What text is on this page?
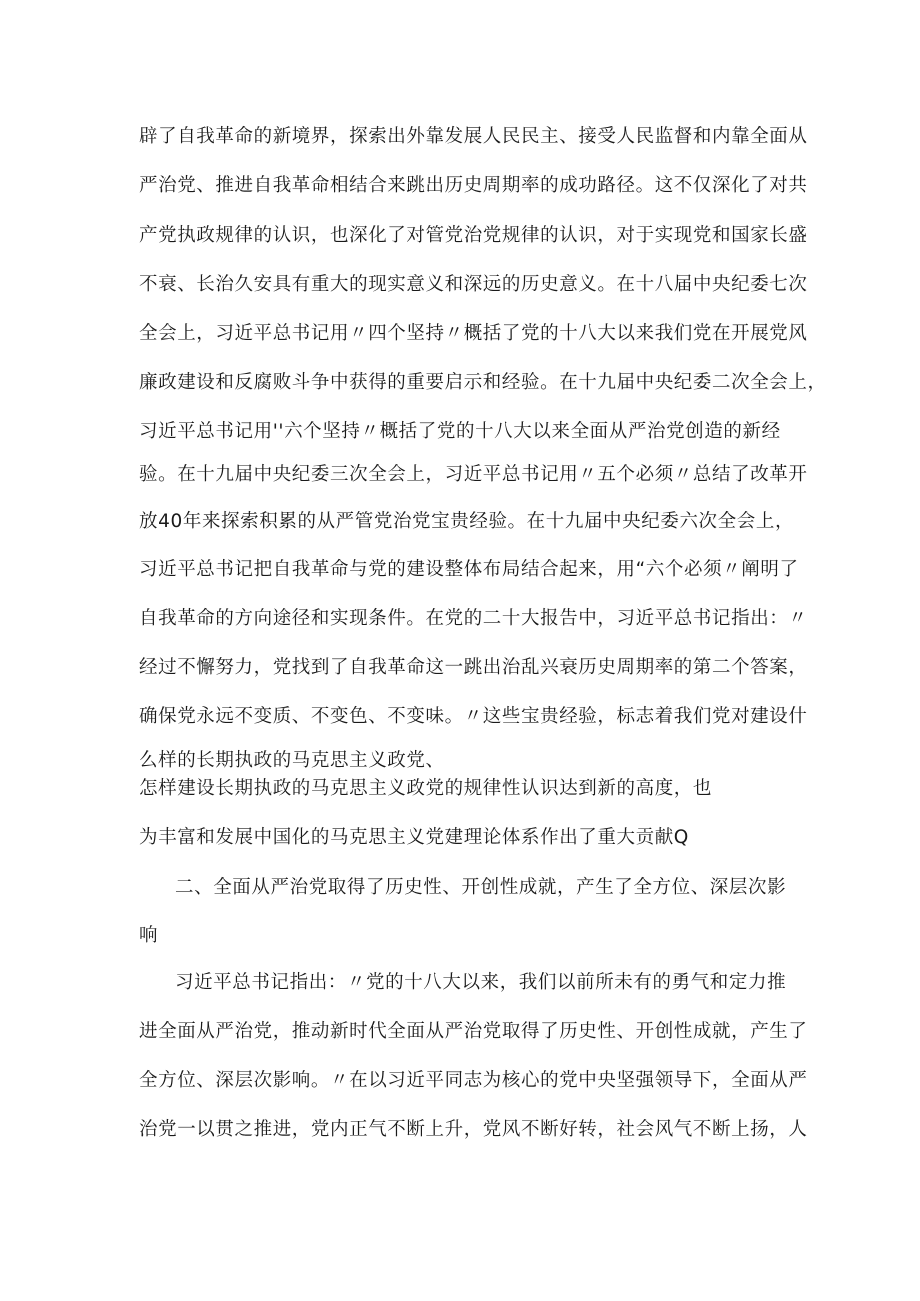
辟了自我革命的新境界，探索出外靠发展人民民主、接受人民监督和内靠全面从
严治党、推进自我革命相结合来跳出历史周期率的成功路径。这不仅深化了对共
产党执政规律的认识，也深化了对管党治党规律的认识，对于实现党和国家长盛
不衰、长治久安具有重大的现实意义和深远的历史意义。在十八届中央纪委七次
全会上，习近平总书记用〃四个坚持〃概括了党的十八大以来我们党在开展党风
廉政建设和反腐败斗争中获得的重要启示和经验。在十九届中央纪委二次全会上，
习近平总书记用''六个坚持〃概括了党的十八大以来全面从严治党创造的新经
验。在十九届中央纪委三次全会上，习近平总书记用〃五个必须〃总结了改革开
放40年来探索积累的从严管党治党宝贵经验。在十九届中央纪委六次全会上，
习近平总书记把自我革命与党的建设整体布局结合起来，用“六个必须〃阐明了
自我革命的方向途径和实现条件。在党的二十大报告中，习近平总书记指出：〃
经过不懈努力，党找到了自我革命这一跳出治乱兴衰历史周期率的第二个答案，
确保党永远不变质、不变色、不变味。〃这些宝贵经验，标志着我们党对建设什
么样的长期执政的马克思主义政党、
怎样建设长期执政的马克思主义政党的规律性认识达到新的高度，也
为丰富和发展中国化的马克思主义党建理论体系作出了重大贡献Q
二、全面从严治党取得了历史性、开创性成就，产生了全方位、深层次影
响
习近平总书记指出：〃党的十八大以来，我们以前所未有的勇气和定力推
进全面从严治党，推动新时代全面从严治党取得了历史性、开创性成就，产生了
全方位、深层次影响。〃在以习近平同志为核心的党中央坚强领导下，全面从严
治党一以贯之推进，党内正气不断上升，党风不断好转，社会风气不断上扬，人
